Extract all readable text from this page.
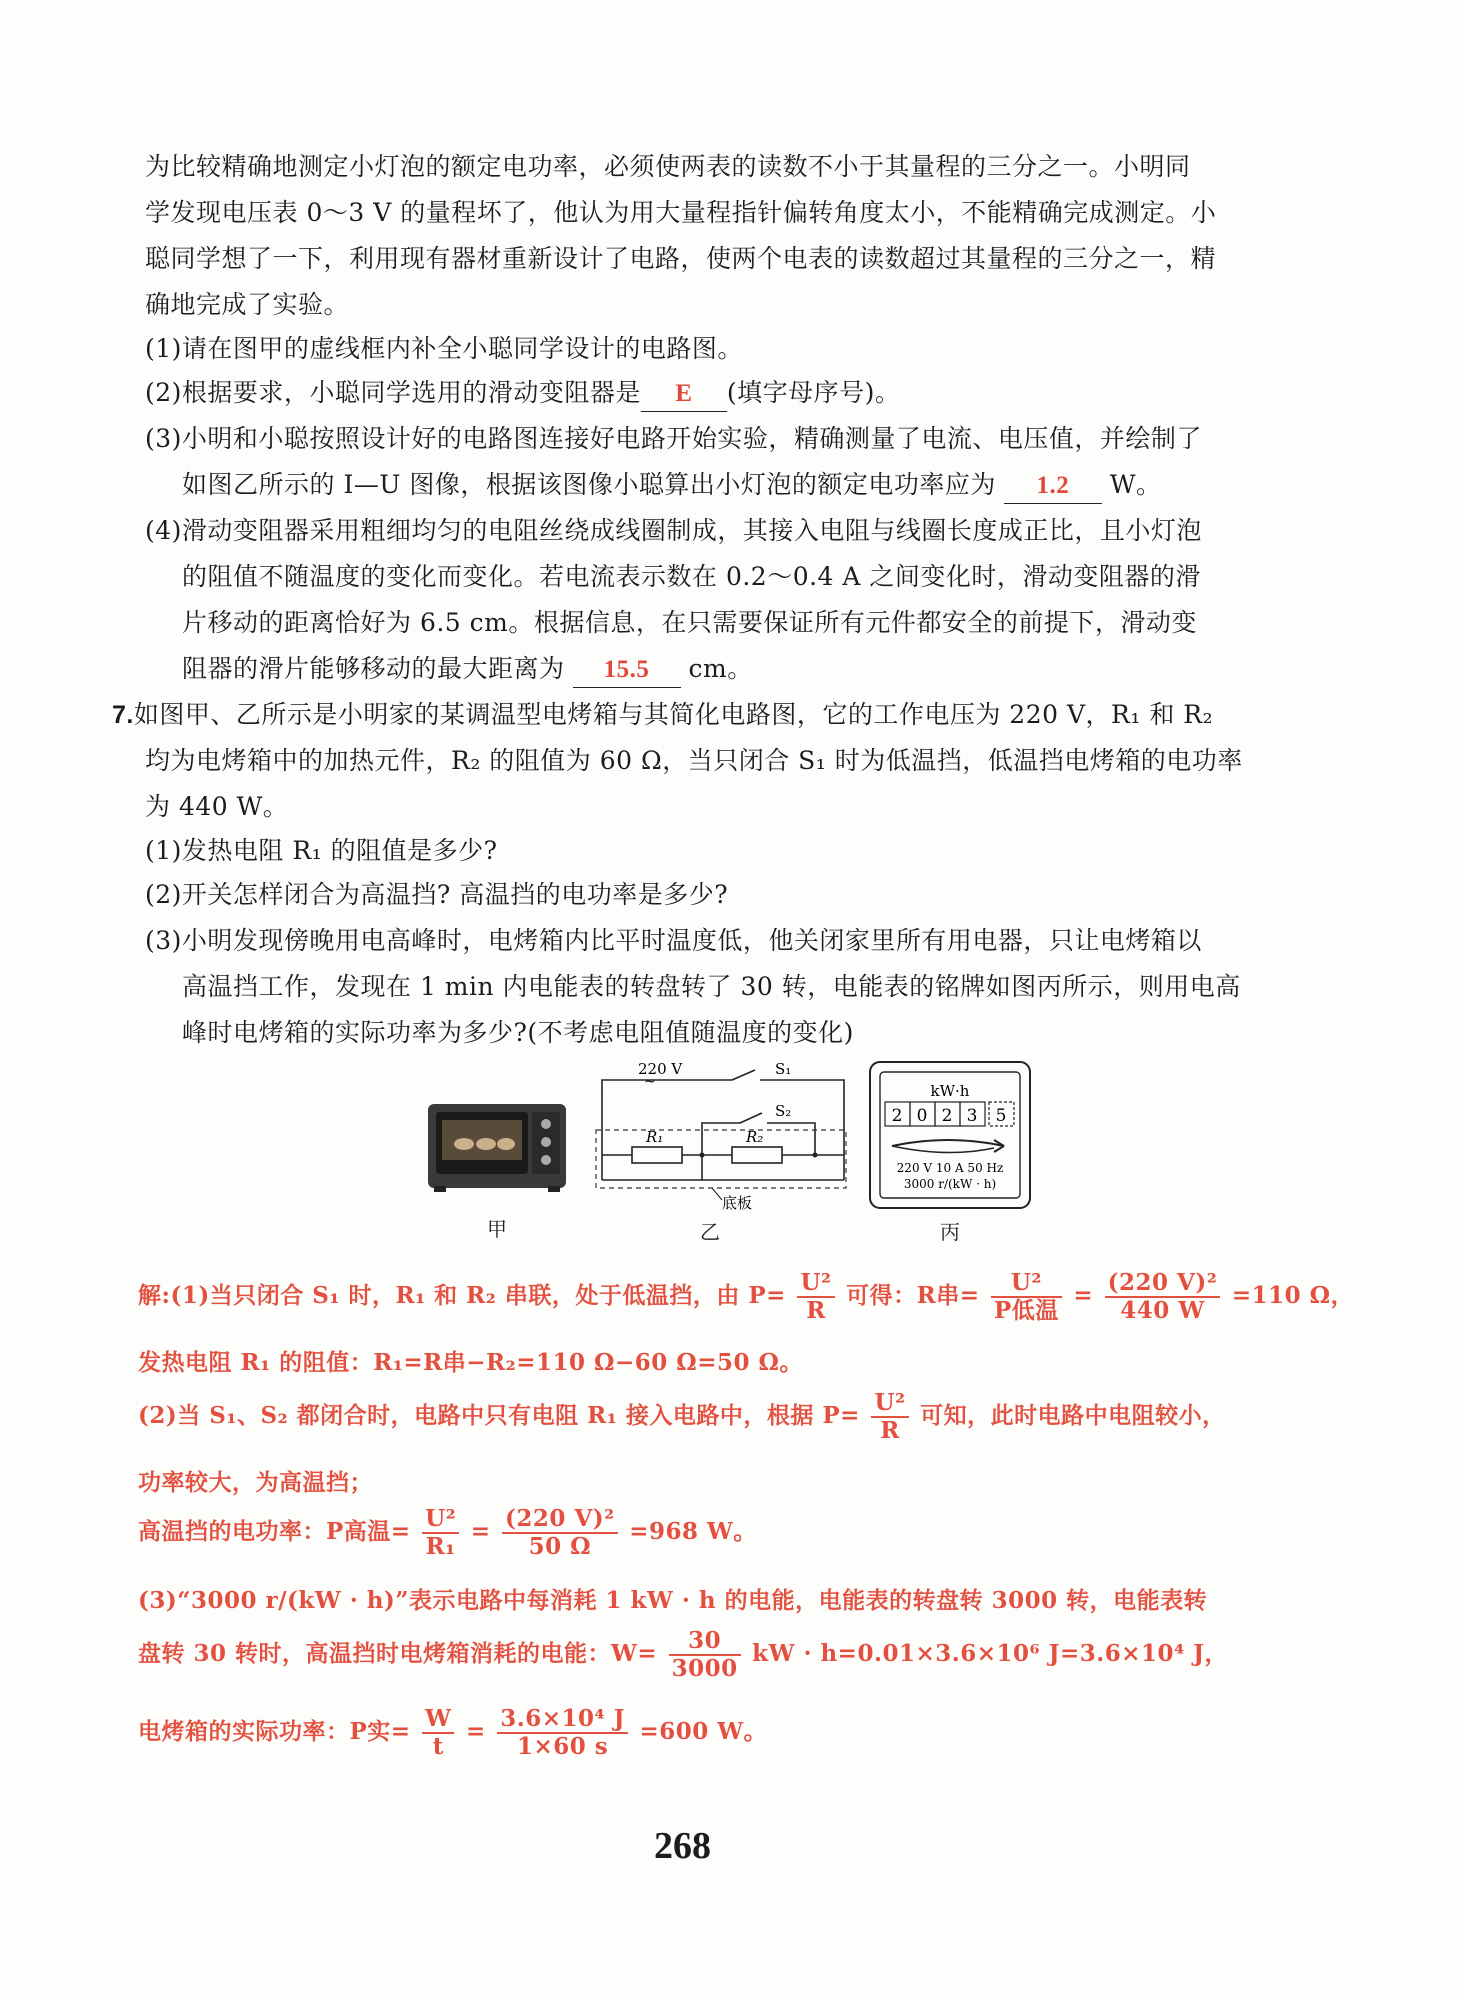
为比较精确地测定小灯泡的额定电功率，必须使两表的读数不小于其量程的三分之一。小明同
学发现电压表 0～3 V 的量程坏了，他认为用大量程指针偏转角度太小，不能精确完成测定。小
聪同学想了一下，利用现有器材重新设计了电路，使两个电表的读数超过其量程的三分之一，精
确地完成了实验。
(1)请在图甲的虚线框内补全小聪同学设计的电路图。
(2)根据要求，小聪同学选用的滑动变阻器是 E (填字母序号)。
(3)小明和小聪按照设计好的电路图连接好电路开始实验，精确测量了电流、电压值，并绘制了
如图乙所示的 I—U 图像，根据该图像小聪算出小灯泡的额定电功率应为 1.2 W。
(4)滑动变阻器采用粗细均匀的电阻丝绕成线圈制成，其接入电阻与线圈长度成正比，且小灯泡
的阻值不随温度的变化而变化。若电流表示数在 0.2～0.4 A 之间变化时，滑动变阻器的滑
片移动的距离恰好为 6.5 cm。根据信息，在只需要保证所有元件都安全的前提下，滑动变
阻器的滑片能够移动的最大距离为 15.5 cm。
7.如图甲、乙所示是小明家的某调温型电烤箱与其简化电路图，它的工作电压为 220 V，R₁ 和 R₂
均为电烤箱中的加热元件，R₂ 的阻值为 60 Ω，当只闭合 S₁ 时为低温挡，低温挡电烤箱的电功率
为 440 W。
(1)发热电阻 R₁ 的阻值是多少?
(2)开关怎样闭合为高温挡? 高温挡的电功率是多少?
(3)小明发现傍晚用电高峰时，电烤箱内比平时温度低，他关闭家里所有用电器，只让电烤箱以
高温挡工作，发现在 1 min 内电能表的转盘转了 30 转，电能表的铭牌如图丙所示，则用电高
峰时电烤箱的实际功率为多少?(不考虑电阻值随温度的变化)
甲
220 V
~
S₁
S₂
R₁	R₂
底板
乙
kW·h
2 0 2 3 5
220 V 10 A 50 Hz
3000 r/(kW · h)
丙
解:(1)当只闭合 S₁ 时，R₁ 和 R₂ 串联，处于低温挡，由 $P= \frac{\text{U²}}{R}$ 可得：R串= $\frac{\text{U²}}{\text{P低温}} = \frac{\text{(220 V)²}}{440 W} =110$ Ω，
发热电阻 R₁ 的阻值：R₁=R串−R₂=110 Ω−60 Ω=50 Ω。
(2)当 S₁、S₂ 都闭合时，电路中只有电阻 R₁ 接入电路中，根据 $P= \frac{\text{U²}}{R}$ 可知，此时电路中电阻较小，
功率较大，为高温挡；
高温挡的电功率：P高温= $\frac{\text{U²}}{\text{R₁}} = \frac{\text{(220 V)²}}{50 \Omega} =968$ W。
(3)“3000 r/(kW · h)”表示电路中每消耗 1 kW · h 的电能，电能表的转盘转 3000 转，电能表转
盘转 30 转时，高温挡时电烤箱消耗的电能：$W= \frac{30}{3000}$ kW · h=0.01×3.6×10⁶ J=3.6×10⁴ J，
电烤箱的实际功率：P实= $\frac{W}{t} = \frac{\text{3.6×10⁴ J}}{1\times 60 s} =600$ W。
268
